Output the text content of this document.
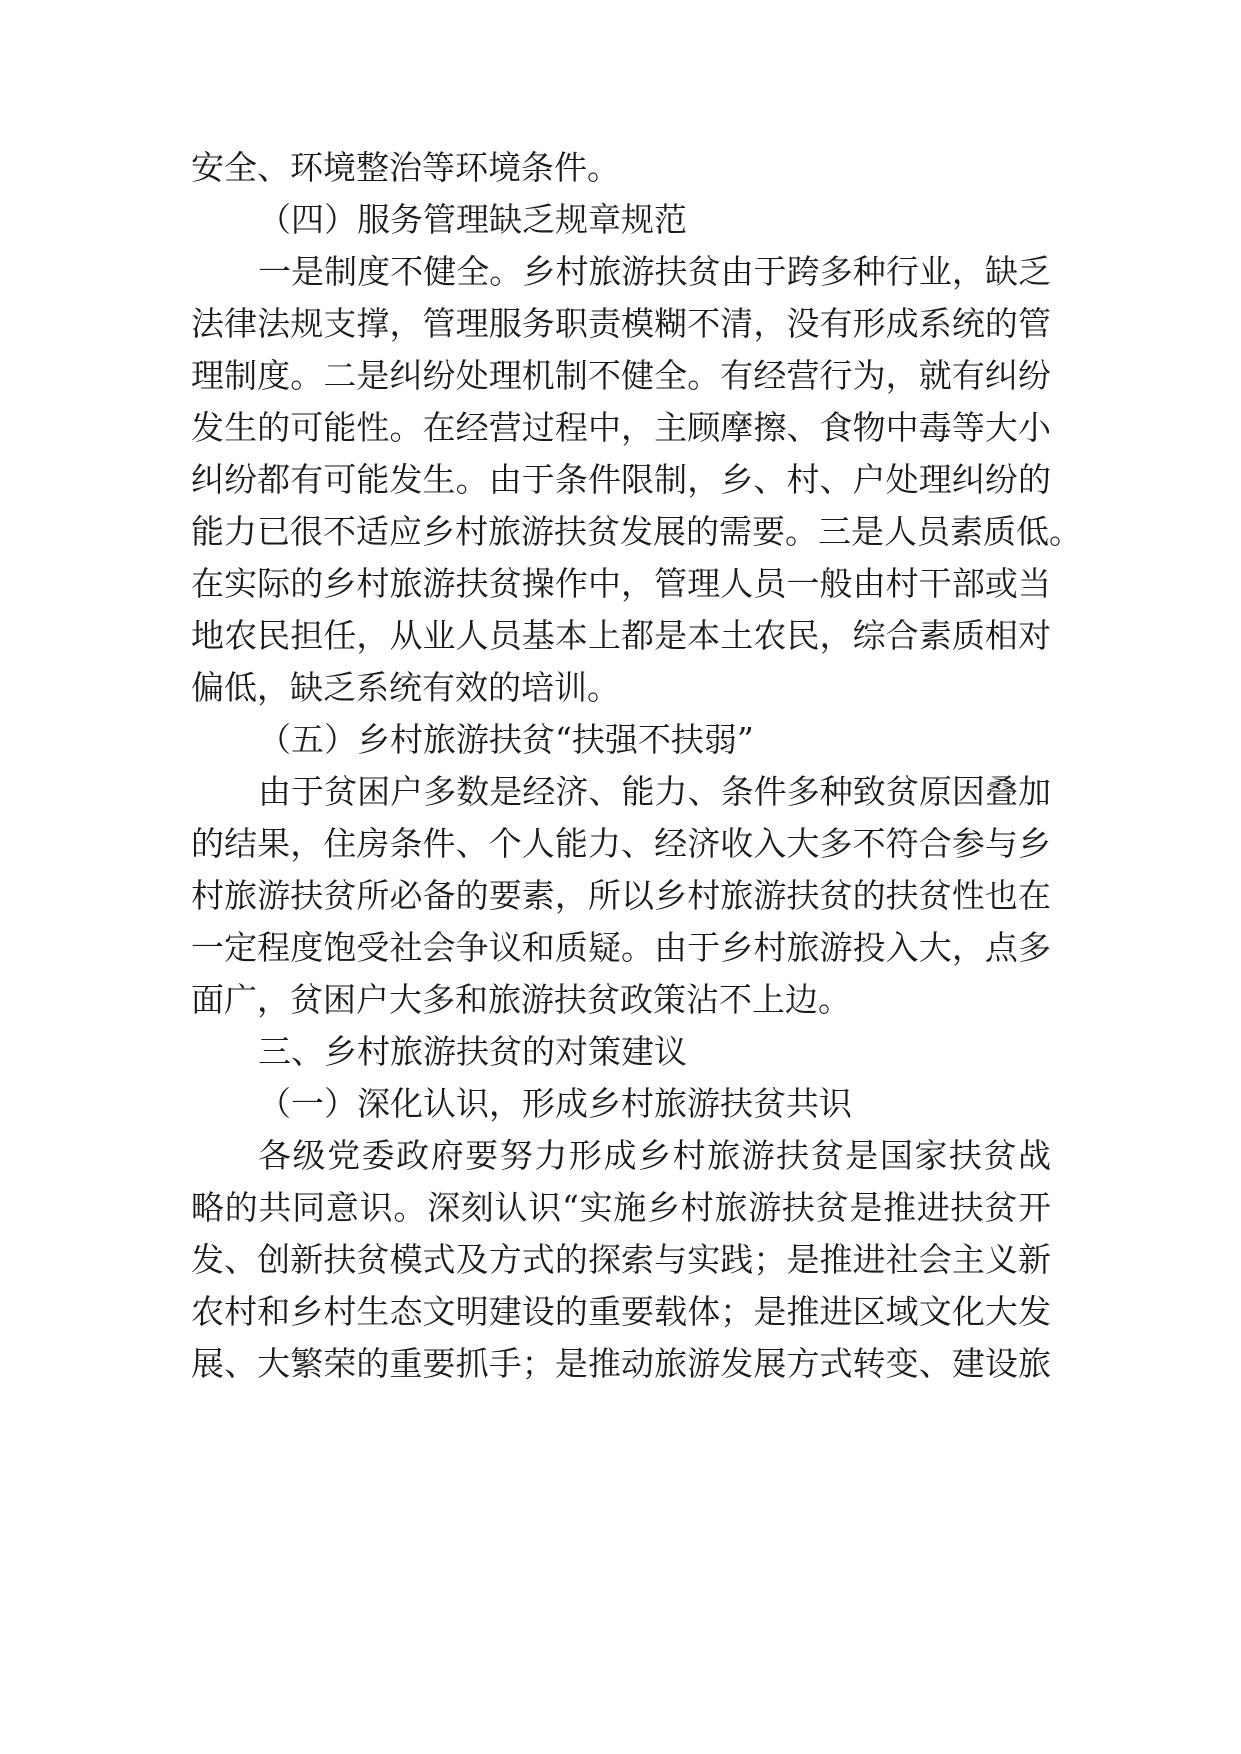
安全、环境整治等环境条件。
（四）服务管理缺乏规章规范
一是制度不健全。乡村旅游扶贫由于跨多种行业，缺乏
法律法规支撑，管理服务职责模糊不清，没有形成系统的管
理制度。二是纠纷处理机制不健全。有经营行为，就有纠纷
发生的可能性。在经营过程中，主顾摩擦、食物中毒等大小
纠纷都有可能发生。由于条件限制，乡、村、户处理纠纷的
能力已很不适应乡村旅游扶贫发展的需要。三是人员素质低。
在实际的乡村旅游扶贫操作中，管理人员一般由村干部或当
地农民担任，从业人员基本上都是本土农民，综合素质相对
偏低，缺乏系统有效的培训。
（五）乡村旅游扶贫“扶强不扶弱”
由于贫困户多数是经济、能力、条件多种致贫原因叠加
的结果，住房条件、个人能力、经济收入大多不符合参与乡
村旅游扶贫所必备的要素，所以乡村旅游扶贫的扶贫性也在
一定程度饱受社会争议和质疑。由于乡村旅游投入大，点多
面广，贫困户大多和旅游扶贫政策沾不上边。
三、乡村旅游扶贫的对策建议
（一）深化认识，形成乡村旅游扶贫共识
各级党委政府要努力形成乡村旅游扶贫是国家扶贫战
略的共同意识。深刻认识“实施乡村旅游扶贫是推进扶贫开
发、创新扶贫模式及方式的探索与实践；是推进社会主义新
农村和乡村生态文明建设的重要载体；是推进区域文化大发
展、大繁荣的重要抓手；是推动旅游发展方式转变、建设旅
